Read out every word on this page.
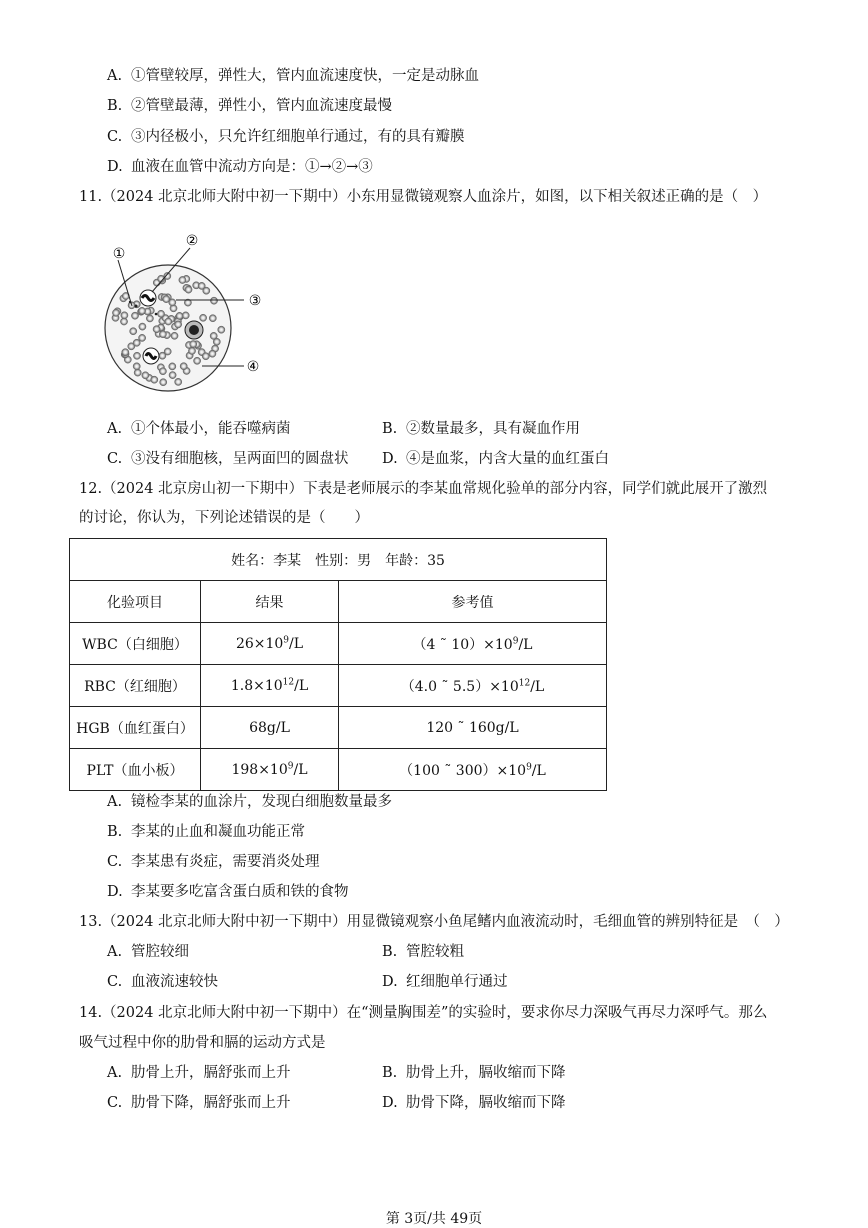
A. ①管壁较厚，弹性大，管内血流速度快，一定是动脉血
B. ②管壁最薄，弹性小，管内血流速度最慢
C. ③内径极小，只允许红细胞单行通过，有的具有瓣膜
D. 血液在血管中流动方向是：①→②→③
11.（2024 北京北师大附中初一下期中）小东用显微镜观察人血涂片，如图，以下相关叙述正确的是（　）
①
②
③
④
A. ①个体最小，能吞噬病菌	B. ②数量最多，具有凝血作用
C. ③没有细胞核，呈两面凹的圆盘状 D. ④是血浆，内含大量的血红蛋白
12.（2024 北京房山初一下期中）下表是老师展示的李某血常规化验单的部分内容，同学们就此展开了激烈
的讨论，你认为，下列论述错误的是（　　）
姓名：李某　性别：男　年龄：35		
化验项目	结果	参考值
WBC（白细胞）	$26\times 10^9/L$	（4 ˜ $10)\times 10^9/L$
RBC（红细胞）	$1.8\times 10^{12}/L$	（4.0 ˜ $5.5)\times 10^{12}/L$
HGB（血红蛋白）	68g/L	120 ˜ 160g/L
PLT（血小板）	$198\times 10^9/L$	（100 ˜ $300)\times 10^9/L$
A. 镜检李某的血涂片，发现白细胞数量最多
B. 李某的止血和凝血功能正常
C. 李某患有炎症，需要消炎处理
D. 李某要多吃富含蛋白质和铁的食物
13.（2024 北京北师大附中初一下期中）用显微镜观察小鱼尾鳍内血液流动时，毛细血管的辨别特征是　（　）
A. 管腔较细	B. 管腔较粗
C. 血液流速较快	D. 红细胞单行通过
14.（2024 北京北师大附中初一下期中）在“测量胸围差”的实验时，要求你尽力深吸气再尽力深呼气。那么
吸气过程中你的肋骨和膈的运动方式是
A. 肋骨上升，膈舒张而上升	B. 肋骨上升，膈收缩而下降
C. 肋骨下降，膈舒张而上升	D. 肋骨下降，膈收缩而下降
第 3页/共 49页
